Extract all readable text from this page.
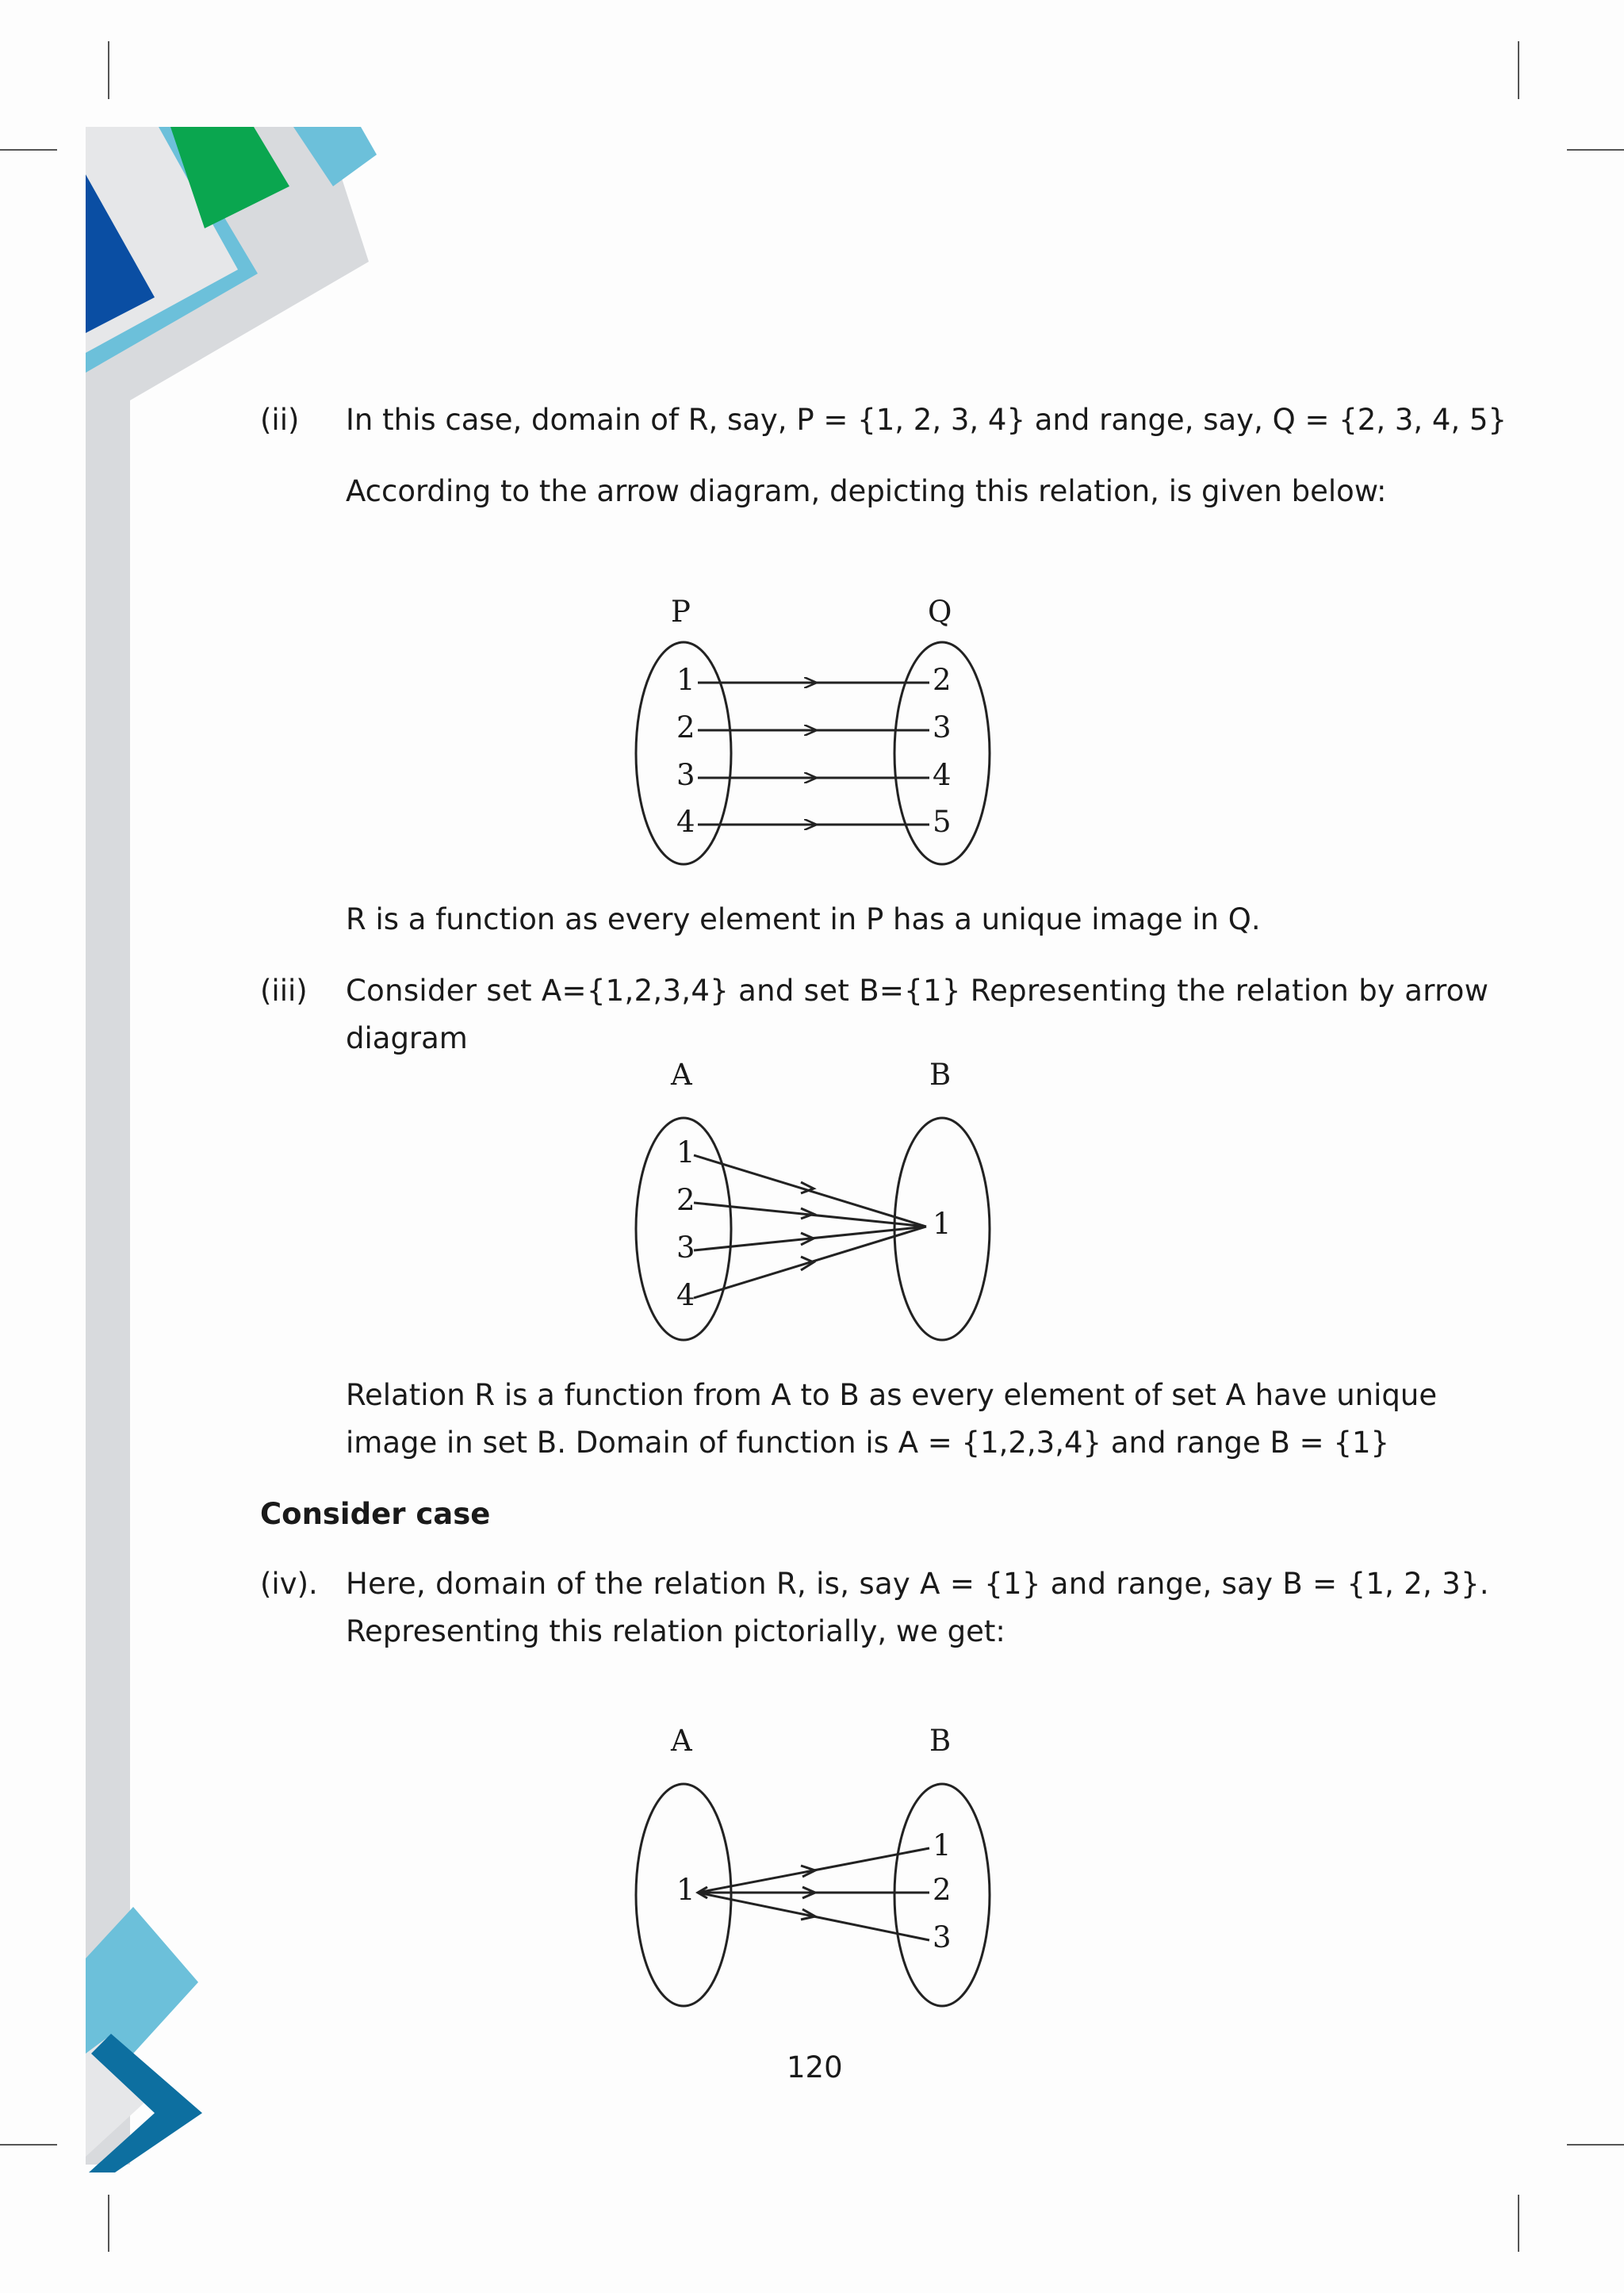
(ii) In this case, domain of R, say, P = {1, 2, 3, 4} and range, say, Q = {2, 3, 4, 5}
According to the arrow diagram, depicting this relation, is given below:
P	Q
1
2
3
4
2
3
4
5
R is a function as every element in P has a unique image in Q.
(iii) Consider set A={1,2,3,4} and set B={1} Representing the relation by arrow
diagram
A	B
1
2
3
4
1
Relation R is a function from A to B as every element of set A have unique
image in set B. Domain of function is A = {1,2,3,4} and range B = {1}
Consider case
(iv). Here, domain of the relation R, is, say A = {1} and range, say B = {1, 2, 3}.
Representing this relation pictorially, we get:
A	B
1
1
2
3
120
